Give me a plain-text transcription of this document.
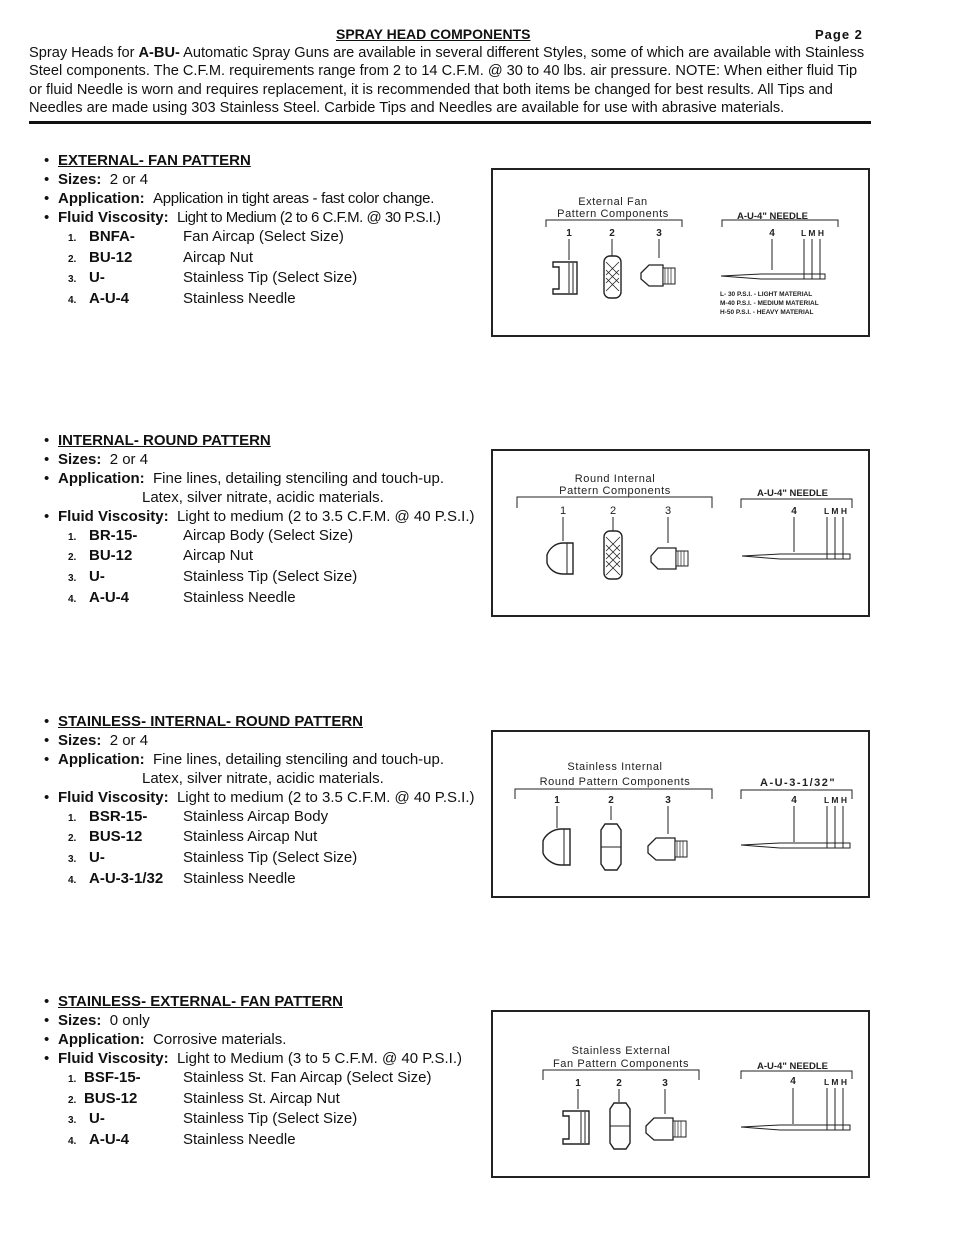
SPRAY HEAD COMPONENTS	Page 2
Spray Heads for A-BU- Automatic Spray Guns are available in several different Styles, some of which are available with Stainless Steel components. The C.F.M. requirements range from 2 to 14 C.F.M. @ 30 to 40 lbs. air pressure. NOTE: When either fluid Tip or fluid Needle is worn and requires replacement, it is recommended that both items be changed for best results. All Tips and Needles are made using 303 Stainless Steel. Carbide Tips and Needles are available for use with abrasive materials.
• EXTERNAL- FAN PATTERN
• Sizes: 2 or 4
• Application: Application in tight areas - fast color change.
• Fluid Viscosity: Light to Medium (2 to 6 C.F.M. @ 30 P.S.I.)
1. BNFA-	Fan Aircap (Select Size)
2. BU-12	Aircap Nut
3. U-	Stainless Tip (Select Size)
4. A-U-4	Stainless Needle
External Fan
Pattern Components	A-U-4" NEEDLE
1	2	3	4	L M H
L- 30 P.S.I. - LIGHT MATERIAL
M-40 P.S.I. - MEDIUM MATERIAL
H-50 P.S.I. - HEAVY MATERIAL
• INTERNAL- ROUND PATTERN
• Sizes: 2 or 4
• Application: Fine lines, detailing stenciling and touch-up.
Latex, silver nitrate, acidic materials.
• Fluid Viscosity: Light to medium (2 to 3.5 C.F.M. @ 40 P.S.I.)
1. BR-15-	Aircap Body (Select Size)
2. BU-12	Aircap Nut
3. U-	Stainless Tip (Select Size)
4. A-U-4	Stainless Needle
Round Internal
Pattern Components	A-U-4" NEEDLE
1	2	3	4	L M H
• STAINLESS- INTERNAL- ROUND PATTERN
• Sizes: 2 or 4
• Application: Fine lines, detailing stenciling and touch-up.
Latex, silver nitrate, acidic materials.
• Fluid Viscosity: Light to medium (2 to 3.5 C.F.M. @ 40 P.S.I.)
1. BSR-15- Stainless Aircap Body
2. BUS-12	Stainless Aircap Nut
3. U-	Stainless Tip (Select Size)
4. A-U-3-1/32 Stainless Needle
Stainless Internal
Round Pattern Components	A-U-3-1/32"
1	2	3	4	L M H
• STAINLESS- EXTERNAL- FAN PATTERN
• Sizes: 0 only
• Application: Corrosive materials.
• Fluid Viscosity: Light to Medium (3 to 5 C.F.M. @ 40 P.S.I.)
1. BSF-15-	Stainless St. Fan Aircap (Select Size)
2. BUS-12	Stainless St. Aircap Nut
3. U-	Stainless Tip (Select Size)
4. A-U-4	Stainless Needle
Stainless External
Fan Pattern Components	A-U-4" NEEDLE
1	2	3	4	L M H
